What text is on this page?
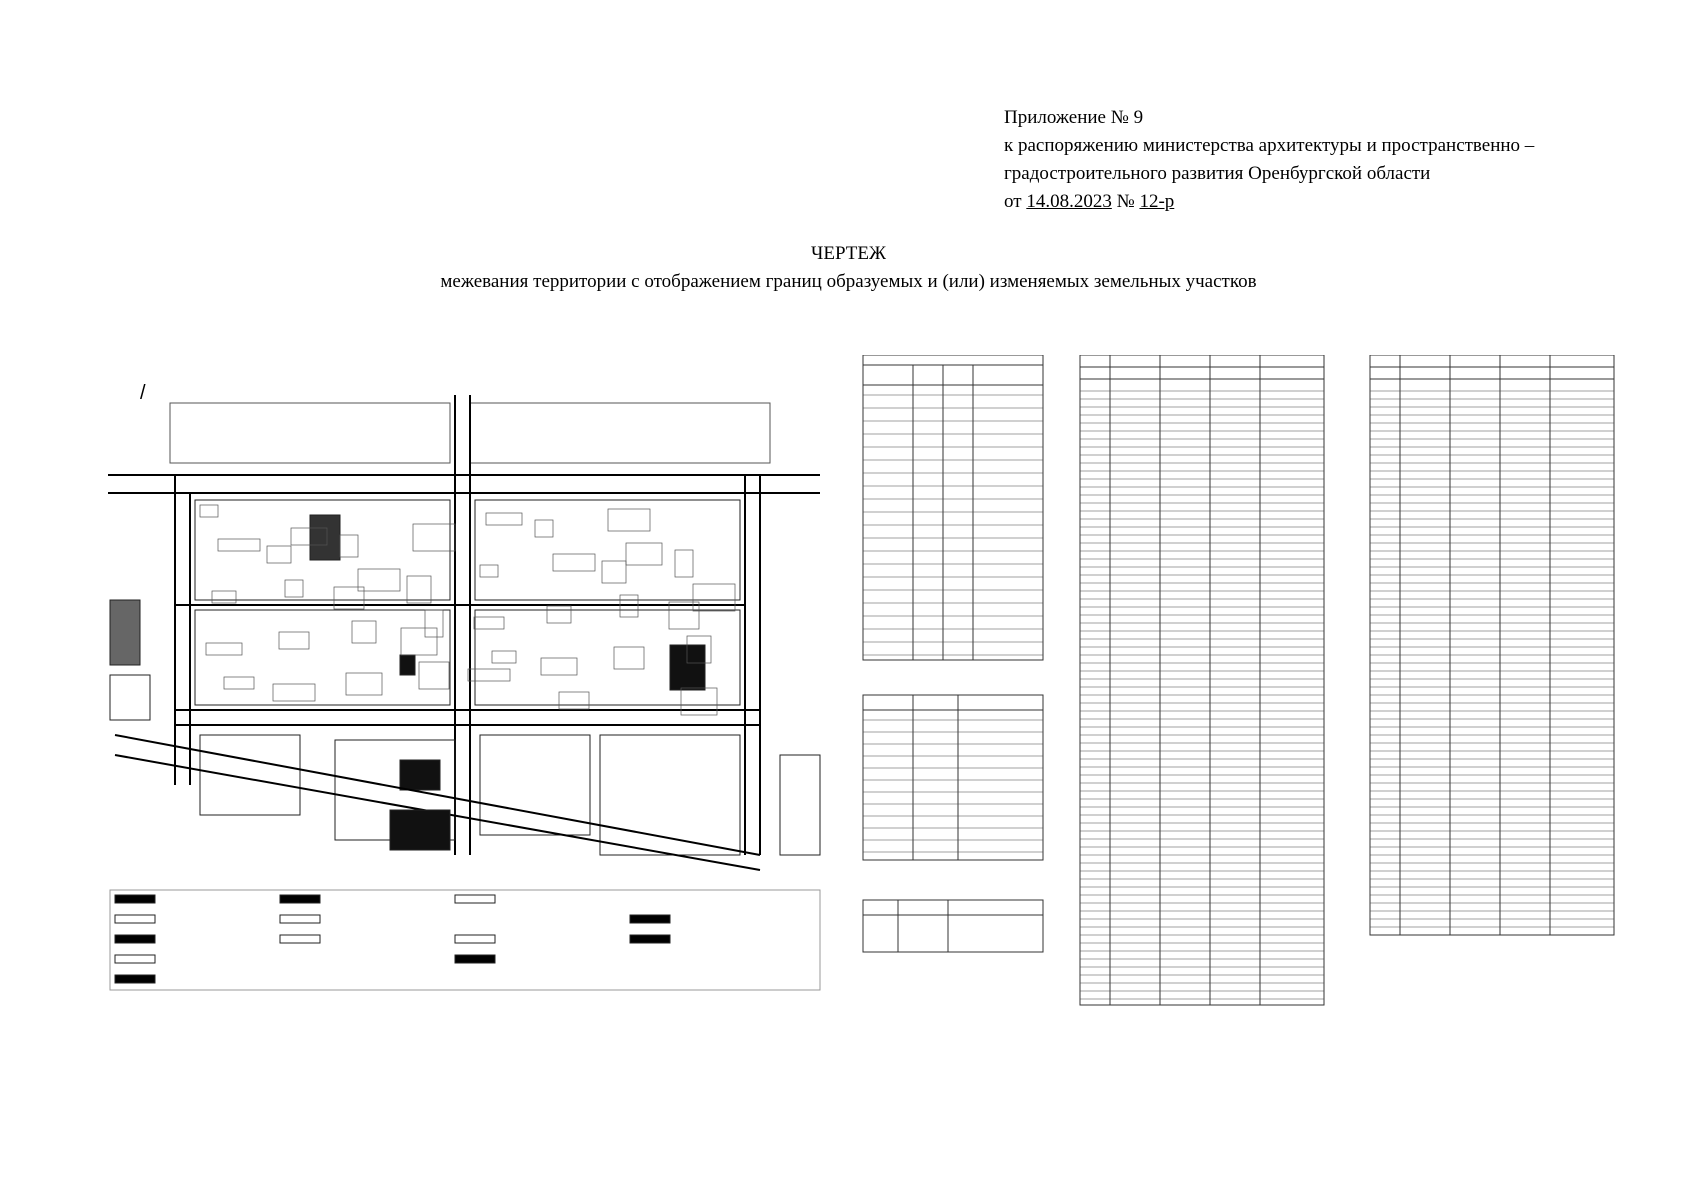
Приложение № 9
к распоряжению министерства архитектуры и пространственно –
градостроительного развития Оренбургской области
от 14.08.2023 № 12-р
ЧЕРТЕЖ
межевания территории с отображением границ образуемых и (или) изменяемых земельных участков
/
